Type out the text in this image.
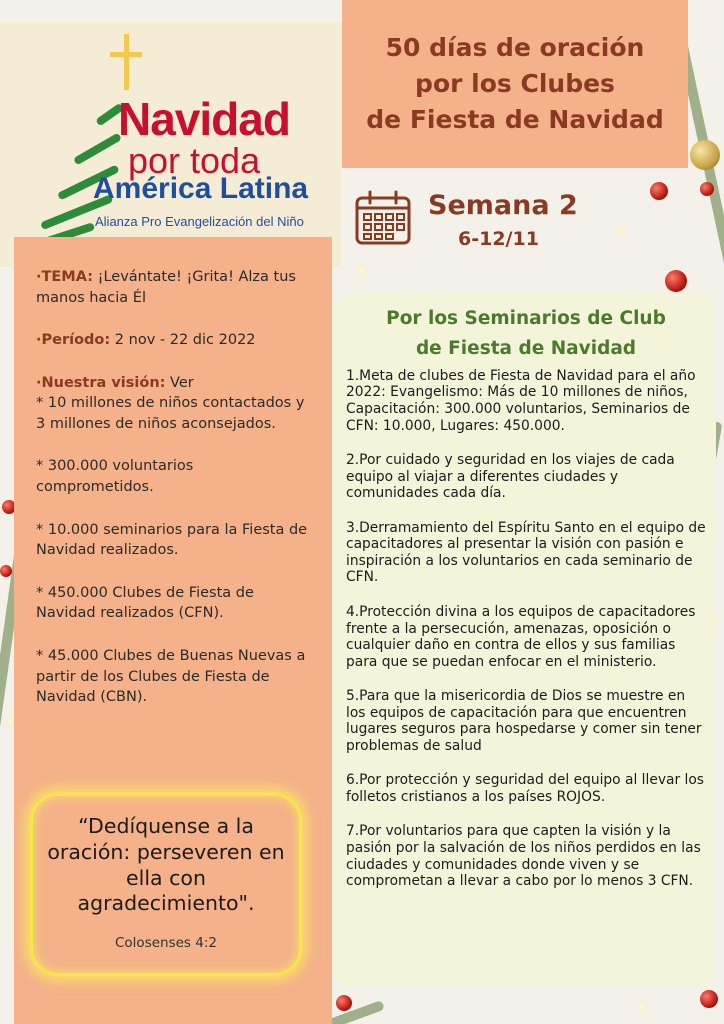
Navidad
por toda
América Latina
Alianza Pro Evangelización del Niño
50 días de oración
por los Clubes
de Fiesta de Navidad
Semana 2
6-12/11
·TEMA: ¡Levántate! ¡Grita! Alza tus manos hacia Él
·Período: 2 nov - 22 dic 2022
·Nuestra visión: Ver
* 10 millones de niños contactados y 3 millones de niños aconsejados.
* 300.000 voluntarios comprometidos.
* 10.000 seminarios para la Fiesta de Navidad realizados.
* 450.000 Clubes de Fiesta de Navidad realizados (CFN).
* 45.000 Clubes de Buenas Nuevas a partir de los Clubes de Fiesta de Navidad (CBN).
“Dedíquense a la oración: perseveren en ella con agradecimiento".
Colosenses 4:2
Por los Seminarios de Club
de Fiesta de Navidad
1.Meta de clubes de Fiesta de Navidad para el año 2022: Evangelismo: Más de 10 millones de niños, Capacitación: 300.000 voluntarios, Seminarios de CFN: 10.000, Lugares: 450.000.
2.Por cuidado y seguridad en los viajes de cada equipo al viajar a diferentes ciudades y comunidades cada día.
3.Derramamiento del Espíritu Santo en el equipo de capacitadores al presentar la visión con pasión e inspiración a los voluntarios en cada seminario de CFN.
4.Protección divina a los equipos de capacitadores frente a la persecución, amenazas, oposición o cualquier daño en contra de ellos y sus familias para que se puedan enfocar en el ministerio.
5.Para que la misericordia de Dios se muestre en los equipos de capacitación para que encuentren lugares seguros para hospedarse y comer sin tener problemas de salud
6.Por protección y seguridad del equipo al llevar los folletos cristianos a los países ROJOS.
7.Por voluntarios para que capten la visión y la pasión por la salvación de los niños perdidos en las ciudades y comunidades donde viven y se comprometan a llevar a cabo por lo menos 3 CFN.
